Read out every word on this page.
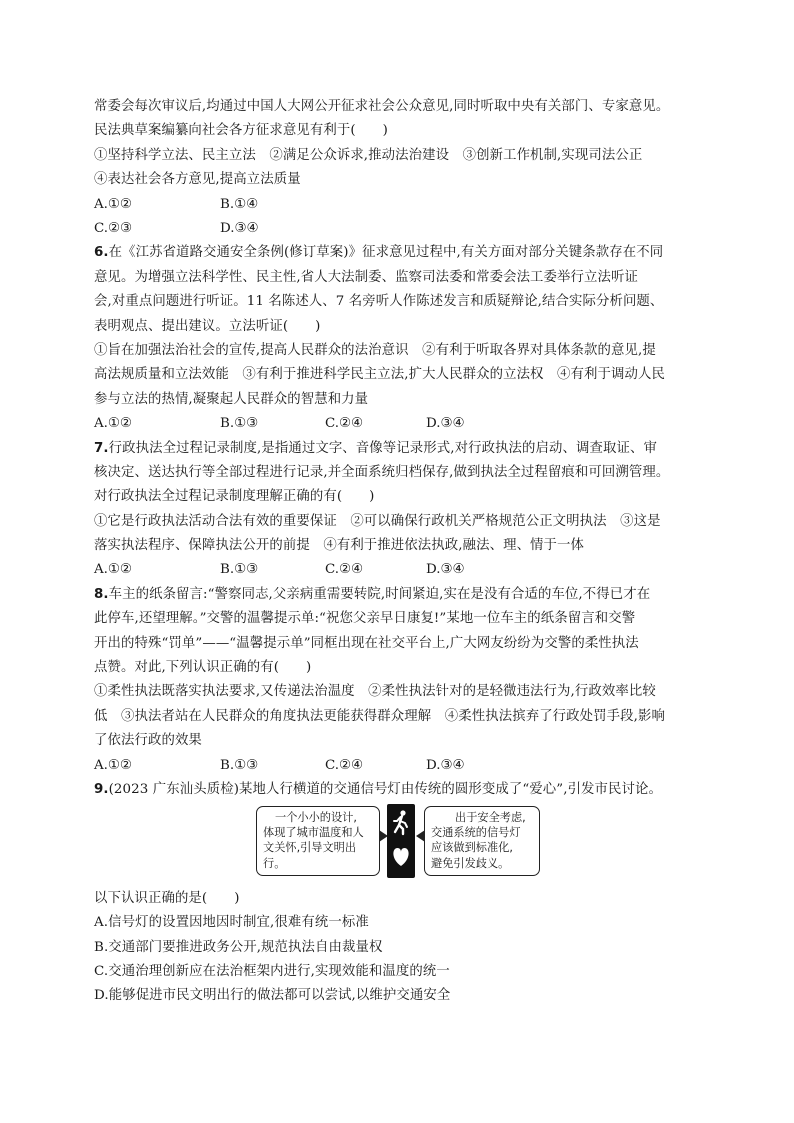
常委会每次审议后,均通过中国人大网公开征求社会公众意见,同时听取中央有关部门、专家意见。
民法典草案编纂向社会各方征求意见有利于(　　)
①坚持科学立法、民主立法　②满足公众诉求,推动法治建设　③创新工作机制,实现司法公正
④表达社会各方意见,提高立法质量
A.①②	B.①④
C.②③	D.③④
6.在《江苏省道路交通安全条例(修订草案)》征求意见过程中,有关方面对部分关键条款存在不同
意见。为增强立法科学性、民主性,省人大法制委、监察司法委和常委会法工委举行立法听证
会,对重点问题进行听证。11 名陈述人、7 名旁听人作陈述发言和质疑辩论,结合实际分析问题、
表明观点、提出建议。立法听证(　　)
①旨在加强法治社会的宣传,提高人民群众的法治意识　②有利于听取各界对具体条款的意见,提
高法规质量和立法效能　③有利于推进科学民主立法,扩大人民群众的立法权　④有利于调动人民
参与立法的热情,凝聚起人民群众的智慧和力量
A.①②	B.①③	C.②④	D.③④
7.行政执法全过程记录制度,是指通过文字、音像等记录形式,对行政执法的启动、调查取证、审
核决定、送达执行等全部过程进行记录,并全面系统归档保存,做到执法全过程留痕和可回溯管理。
对行政执法全过程记录制度理解正确的有(　　)
①它是行政执法活动合法有效的重要保证　②可以确保行政机关严格规范公正文明执法　③这是
落实执法程序、保障执法公开的前提　④有利于推进依法执政,融法、理、情于一体
A.①②	B.①③	C.②④	D.③④
8.车主的纸条留言:“警察同志,父亲病重需要转院,时间紧迫,实在是没有合适的车位,不得已才在
此停车,还望理解。”交警的温馨提示单:“祝您父亲早日康复!”某地一位车主的纸条留言和交警
开出的特殊“罚单”——“温馨提示单”同框出现在社交平台上,广大网友纷纷为交警的柔性执法
点赞。对此,下列认识正确的有(　　)
①柔性执法既落实执法要求,又传递法治温度　②柔性执法针对的是轻微违法行为,行政效率比较
低　③执法者站在人民群众的角度执法更能获得群众理解　④柔性执法摈弃了行政处罚手段,影响
了依法行政的效果
A.①②	B.①③	C.②④	D.③④
9.(2023 广东汕头质检)某地人行横道的交通信号灯由传统的圆形变成了“爱心”,引发市民讨论。
一个小小的设计,
体现了城市温度和人
文关怀,引导文明出
行。
出于安全考虑,
交通系统的信号灯
应该做到标准化,
避免引发歧义。
以下认识正确的是(　　)
A.信号灯的设置因地因时制宜,很难有统一标准
B.交通部门要推进政务公开,规范执法自由裁量权
C.交通治理创新应在法治框架内进行,实现效能和温度的统一
D.能够促进市民文明出行的做法都可以尝试,以维护交通安全
